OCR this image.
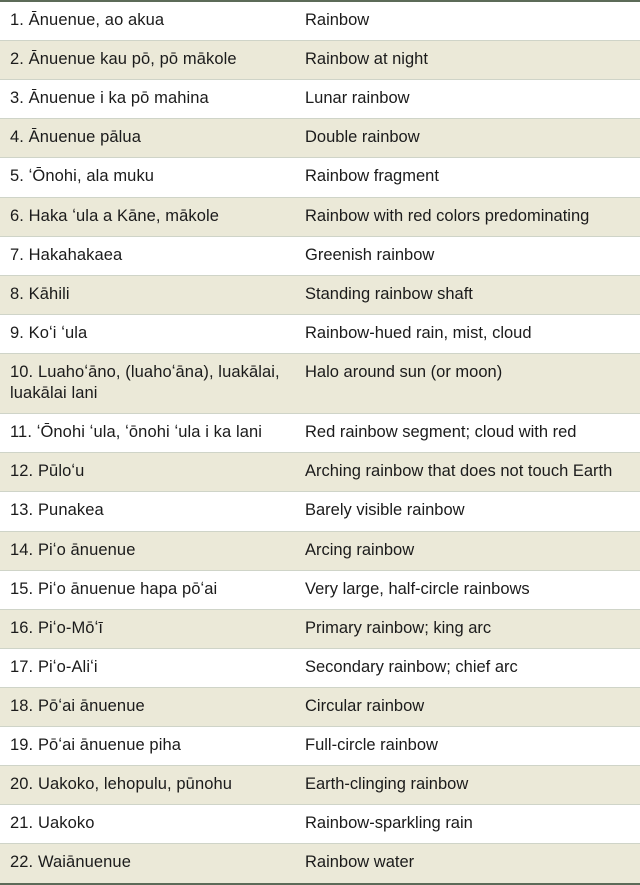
1. Ānuenue, ao akua	Rainbow
2. Ānuenue kau pō, pō mākole	Rainbow at night
3. Ānuenue i ka pō mahina	Lunar rainbow
4. Ānuenue pālua	Double rainbow
5. ʻŌnohi, ala muku	Rainbow fragment
6. Haka ʻula a Kāne, mākole	Rainbow with red colors predominating
7. Hakahakaea	Greenish rainbow
8. Kāhili	Standing rainbow shaft
9. Koʻi ʻula	Rainbow-hued rain, mist, cloud
10. Luahoʻāno, (luahoʻāna), luakālai, luakālai lani	Halo around sun (or moon)
11. ʻŌnohi ʻula, ʻōnohi ʻula i ka lani	Red rainbow segment; cloud with red
12. Pūloʻu	Arching rainbow that does not touch Earth
13. Punakea	Barely visible rainbow
14. Piʻo ānuenue	Arcing rainbow
15. Piʻo ānuenue hapa pōʻai	Very large, half-circle rainbows
16. Piʻo-Mōʻī	Primary rainbow; king arc
17. Piʻo-Aliʻi	Secondary rainbow; chief arc
18. Pōʻai ānuenue	Circular rainbow
19. Pōʻai ānuenue piha	Full-circle rainbow
20. Uakoko, lehopulu, pūnohu	Earth-clinging rainbow
21. Uakoko	Rainbow-sparkling rain
22. Waiānuenue	Rainbow water
